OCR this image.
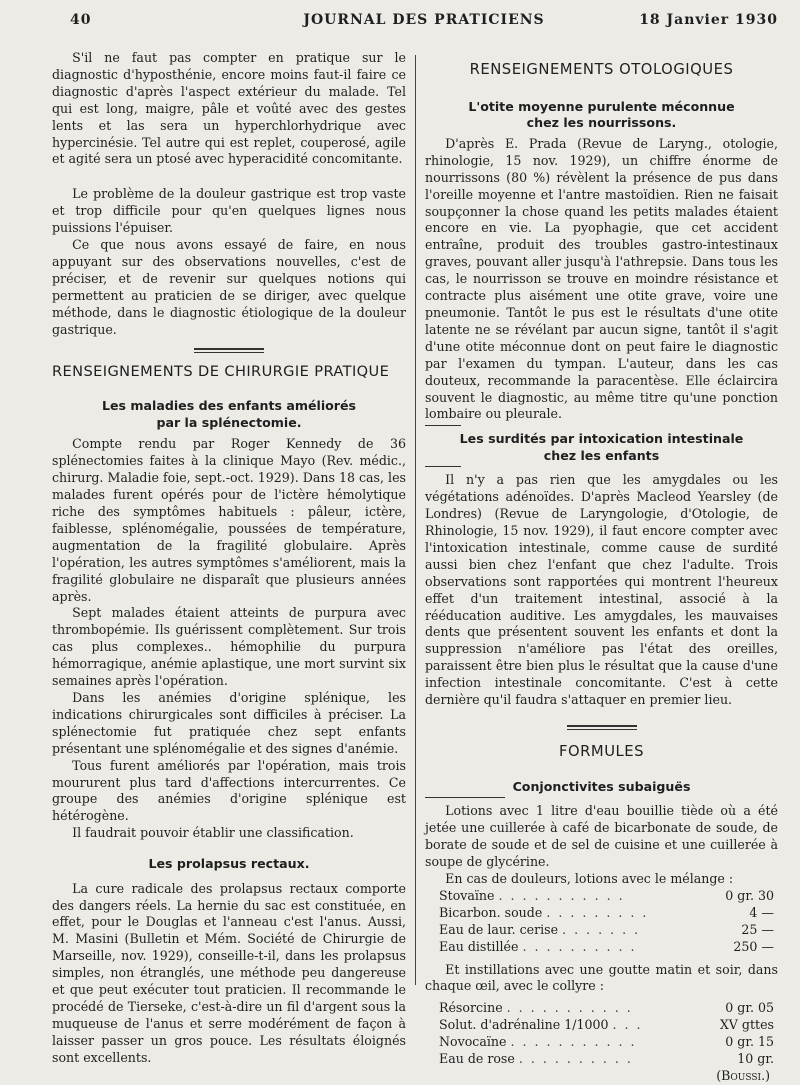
40	JOURNAL DES PRATICIENS	18 Janvier 1930

S'il ne faut pas compter en pratique sur le diagnostic d'hyposthénie, encore moins faut-il faire ce diagnostic d'après l'aspect extérieur du malade. Tel qui est long, maigre, pâle et voûté avec des gestes lents et las sera un hyperchlorhydrique avec hypercinésie. Tel autre qui est replet, couperosé, agile et agité sera un ptosé avec hyperacidité concomitante.

Le problème de la douleur gastrique est trop vaste et trop difficile pour qu'en quelques lignes nous puissions l'épuiser.

Ce que nous avons essayé de faire, en nous appuyant sur des observations nouvelles, c'est de préciser, et de revenir sur quelques notions qui permettent au praticien de se diriger, avec quelque méthode, dans le diagnostic étiologique de la douleur gastrique.

RENSEIGNEMENTS DE CHIRURGIE PRATIQUE
Les maladies des enfants améliorés
par la splénectomie.

Compte rendu par Roger Kennedy de 36 splénectomies faites à la clinique Mayo (Rev. médic., chirurg. Maladie foie, sept.-oct. 1929). Dans 18 cas, les malades furent opérés pour de l'ictère hémolytique riche des symptômes habituels : pâleur, ictère, faiblesse, splénomégalie, poussées de température, augmentation de la fragilité globulaire. Après l'opération, les autres symptômes s'améliorent, mais la fragilité globulaire ne disparaît que plusieurs années après.

Sept malades étaient atteints de purpura avec thrombopémie. Ils guérissent complètement. Sur trois cas plus complexes.. hémophilie du purpura hémorragique, anémie aplastique, une mort survint six semaines après l'opération.

Dans les anémies d'origine splénique, les indications chirurgicales sont difficiles à préciser. La splénectomie fut pratiquée chez sept enfants présentant une splénomégalie et des signes d'anémie.

Tous furent améliorés par l'opération, mais trois moururent plus tard d'affections intercurrentes. Ce groupe des anémies d'origine splénique est hétérogène.

Il faudrait pouvoir établir une classification.

Les prolapsus rectaux.

La cure radicale des prolapsus rectaux comporte des dangers réels. La hernie du sac est constituée, en effet, pour le Douglas et l'anneau c'est l'anus. Aussi, M. Masini (Bulletin et Mém. Société de Chirurgie de Marseille, nov. 1929), conseille-t-il, dans les prolapsus simples, non étranglés, une méthode peu dangereuse et que peut exécuter tout praticien. Il recommande le procédé de Tierseke, c'est-à-dire un fil d'argent sous la muqueuse de l'anus et serre modérément de façon à laisser passer un gros pouce. Les résultats éloignés sont excellents.

RENSEIGNEMENTS OTOLOGIQUES
L'otite moyenne purulente méconnue
chez les nourrissons.

D'après E. Prada (Revue de Laryng., otologie, rhinologie, 15 nov. 1929), un chiffre énorme de nourrissons (80 %) révèlent la présence de pus dans l'oreille moyenne et l'antre mastoïdien. Rien ne faisait soupçonner la chose quand les petits malades étaient encore en vie. La pyophagie, que cet accident entraîne, produit des troubles gastro-intestinaux graves, pouvant aller jusqu'à l'athrepsie. Dans tous les cas, le nourrisson se trouve en moindre résistance et contracte plus aisément une otite grave, voire une pneumonie. Tantôt le pus est le résultats d'une otite latente ne se révélant par aucun signe, tantôt il s'agit d'une otite méconnue dont on peut faire le diagnostic par l'examen du tympan. L'auteur, dans les cas douteux, recommande la paracentèse. Elle éclaircira souvent le diagnostic, au même titre qu'une ponction lombaire ou pleurale.

Les surdités par intoxication intestinale
chez les enfants

Il n'y a pas rien que les amygdales ou les végétations adénoïdes. D'après Macleod Yearsley (de Londres) (Revue de Laryngologie, d'Otologie, de Rhinologie, 15 nov. 1929), il faut encore compter avec l'intoxication intestinale, comme cause de surdité aussi bien chez l'enfant que chez l'adulte. Trois observations sont rapportées qui montrent l'heureux effet d'un traitement intestinal, associé à la rééducation auditive. Les amygdales, les mauvaises dents que présentent souvent les enfants et dont la suppression n'améliore pas l'état des oreilles, paraissent être bien plus le résultat que la cause d'une infection intestinale concomitante. C'est à cette dernière qu'il faudra s'attaquer en premier lieu.

FORMULES
Conjonctivites subaiguës

Lotions avec 1 litre d'eau bouillie tiède où a été jetée une cuillerée à café de bicarbonate de soude, de borate de soude et de sel de cuisine et une cuillerée à soupe de glycérine.

En cas de douleurs, lotions avec le mélange :

Stovaïne . . . . . . . . . . .	0 gr. 30
Bicarbon. soude . . . . . . . . .	4 —
Eau de laur. cerise . . . . . . .	25 —
Eau distillée . . . . . . . . . .	250 —

Et instillations avec une goutte matin et soir, dans chaque œil, avec le collyre :

Résorcine . . . . . . . . . . .	0 gr. 05
Solut. d'adrénaline 1/1000 . . .	XV gttes
Novocaïne . . . . . . . . . . .	0 gr. 15
Eau de rose . . . . . . . . . .	10 gr.
(Boussi.)
